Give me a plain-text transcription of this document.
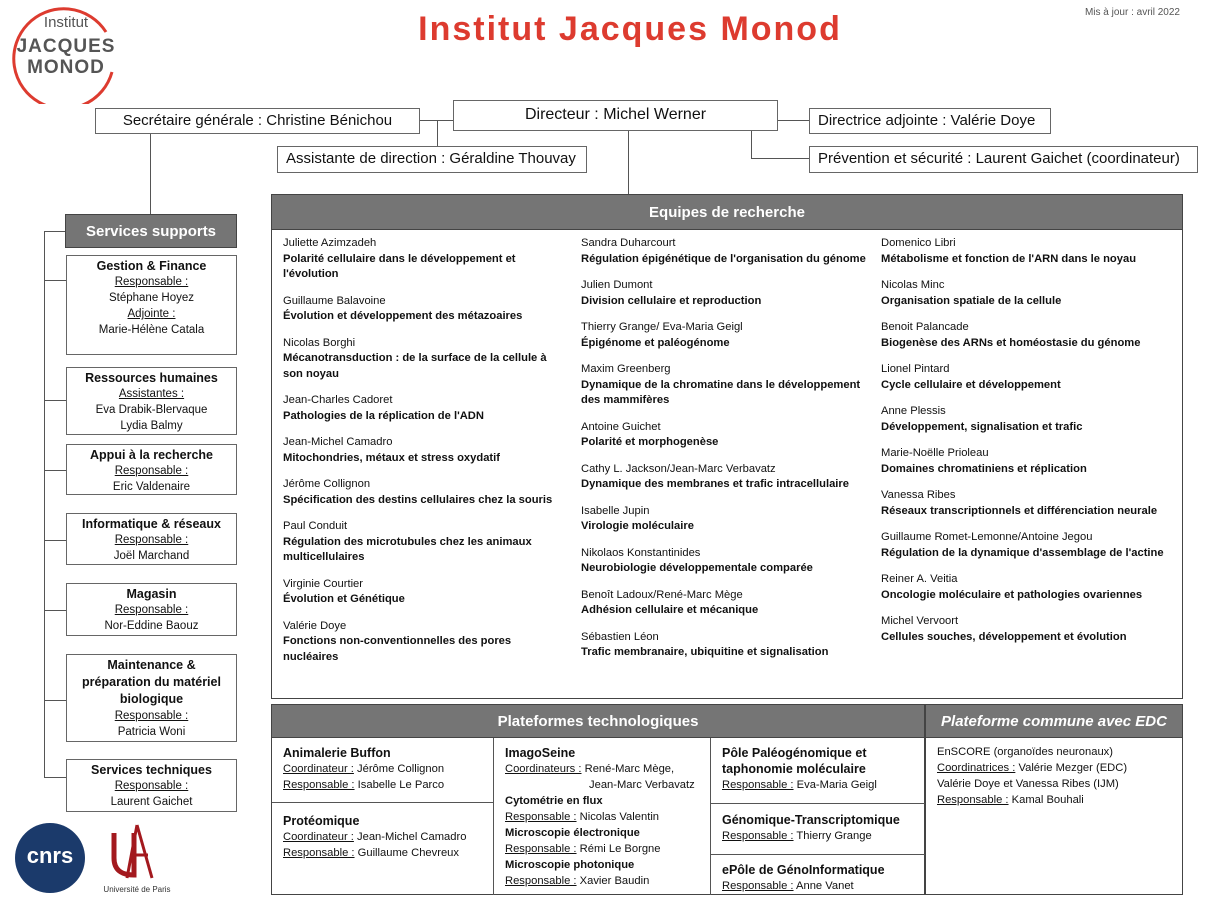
Institut
JACQUES
MONOD
Institut Jacques Monod	Mis à jour : avril 2022
Directeur : Michel Werner
Secrétaire générale : Christine Bénichou
Assistante de direction : Géraldine Thouvay
Directrice adjointe : Valérie Doye
Prévention et sécurité : Laurent Gaichet (coordinateur)
Services supports
Gestion & Finance
Responsable :
Stéphane Hoyez
Adjointe :
Marie-Hélène Catala
Ressources humaines
Assistantes :
Eva Drabik-Blervaque
Lydia Balmy
Appui à la recherche
Responsable :
Eric Valdenaire
Informatique & réseaux
Responsable :
Joël Marchand
Magasin
Responsable :
Nor-Eddine Baouz
Maintenance & préparation du matériel biologique
Responsable :
Patricia Woni
Services techniques
Responsable :
Laurent Gaichet
Equipes de recherche
Juliette Azimzadeh
Polarité cellulaire dans le développement et l'évolution
Guillaume Balavoine
Évolution et développement des métazoaires
Nicolas Borghi
Mécanotransduction : de la surface de la cellule à son noyau
Jean-Charles Cadoret
Pathologies de la réplication de l'ADN
Jean-Michel Camadro
Mitochondries, métaux et stress oxydatif
Jérôme Collignon
Spécification des destins cellulaires chez la souris
Paul Conduit
Régulation des microtubules chez les animaux multicellulaires
Virginie Courtier
Évolution et Génétique
Valérie Doye
Fonctions non-conventionnelles des pores nucléaires
Sandra Duharcourt
Régulation épigénétique de l'organisation du génome
Julien Dumont
Division cellulaire et reproduction
Thierry Grange/ Eva-Maria Geigl
Épigénome et paléogénome
Maxim Greenberg
Dynamique de la chromatine dans le développement des mammifères
Antoine Guichet
Polarité et morphogenèse
Cathy L. Jackson/Jean-Marc Verbavatz
Dynamique des membranes et trafic intracellulaire
Isabelle Jupin
Virologie moléculaire
Nikolaos Konstantinides
Neurobiologie développementale comparée
Benoît Ladoux/René-Marc Mège
Adhésion cellulaire et mécanique
Sébastien Léon
Trafic membranaire, ubiquitine et signalisation
Domenico Libri
Métabolisme et fonction de l'ARN dans le noyau
Nicolas Minc
Organisation spatiale de la cellule
Benoit Palancade
Biogenèse des ARNs et homéostasie du génome
Lionel Pintard
Cycle cellulaire et développement
Anne Plessis
Développement, signalisation et trafic
Marie-Noëlle Prioleau
Domaines chromatiniens et réplication
Vanessa Ribes
Réseaux transcriptionnels et différenciation neurale
Guillaume Romet-Lemonne/Antoine Jegou
Régulation de la dynamique d'assemblage de l'actine
Reiner A. Veitia
Oncologie moléculaire et pathologies ovariennes
Michel Vervoort
Cellules souches, développement et évolution
Plateformes technologiques
Animalerie Buffon
Coordinateur : Jérôme Collignon
Responsable : Isabelle Le Parco
Protéomique
Coordinateur : Jean-Michel Camadro
Responsable : Guillaume Chevreux
ImagoSeine
Coordinateurs : René-Marc Mège,
Jean-Marc Verbavatz
Cytométrie en flux
Responsable : Nicolas Valentin
Microscopie électronique
Responsable : Rémi Le Borgne
Microscopie photonique
Responsable : Xavier Baudin
Pôle Paléogénomique et taphonomie moléculaire
Responsable : Eva-Maria Geigl
Génomique-Transcriptomique
Responsable : Thierry Grange
ePôle de GénoInformatique
Responsable : Anne Vanet
Plateforme commune avec EDC
EnSCORE (organoïdes neuronaux)
Coordinatrices : Valérie Mezger (EDC)
Valérie Doye et Vanessa Ribes (IJM)
Responsable : Kamal Bouhali
cnrs
Université de Paris
